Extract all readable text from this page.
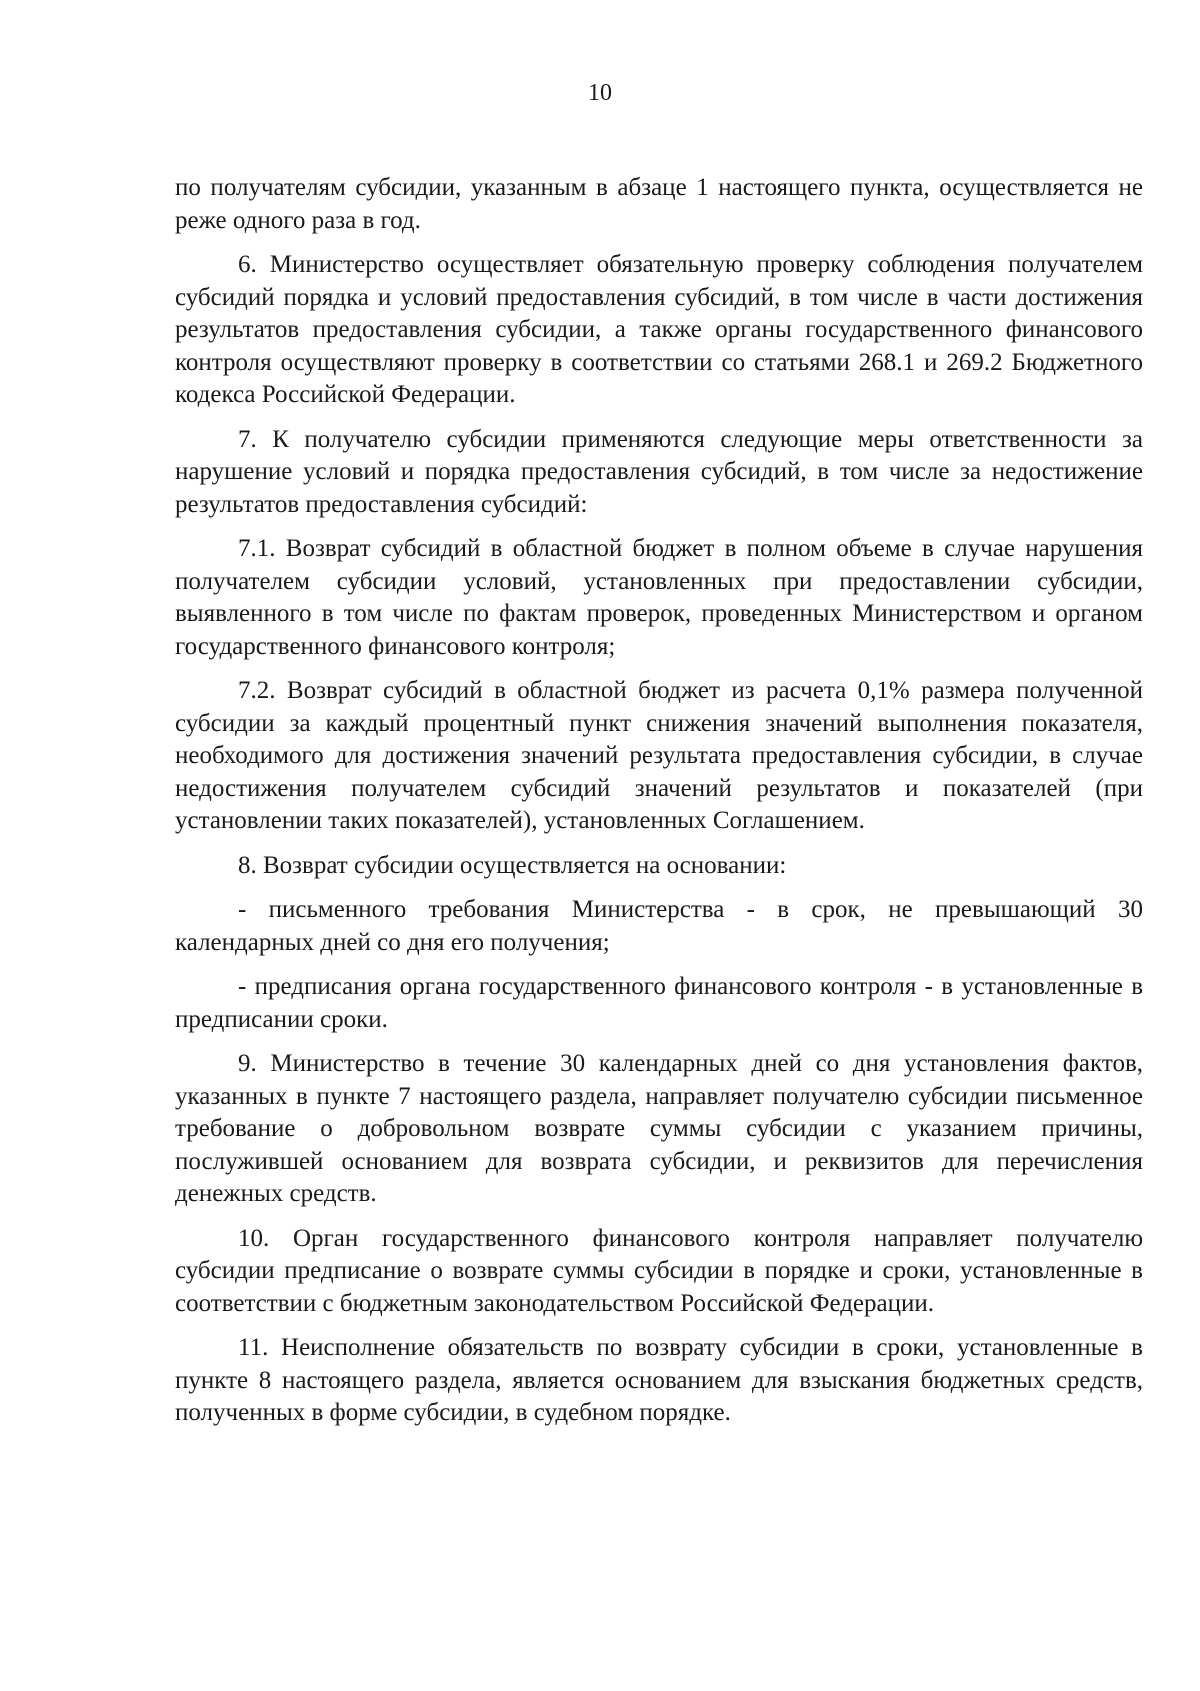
10

по получателям субсидии, указанным в абзаце 1 настоящего пункта, осуществляется не реже одного раза в год.

6. Министерство осуществляет обязательную проверку соблюдения получателем субсидий порядка и условий предоставления субсидий, в том числе в части достижения результатов предоставления субсидии, а также органы государственного финансового контроля осуществляют проверку в соответствии со статьями 268.1 и 269.2 Бюджетного кодекса Российской Федерации.

7. К получателю субсидии применяются следующие меры ответственности за нарушение условий и порядка предоставления субсидий, в том числе за недостижение результатов предоставления субсидий:

7.1. Возврат субсидий в областной бюджет в полном объеме в случае нарушения получателем субсидии условий, установленных при предоставлении субсидии, выявленного в том числе по фактам проверок, проведенных Министерством и органом государственного финансового контроля;

7.2. Возврат субсидий в областной бюджет из расчета 0,1% размера полученной субсидии за каждый процентный пункт снижения значений выполнения показателя, необходимого для достижения значений результата предоставления субсидии, в случае недостижения получателем субсидий значений результатов и показателей (при установлении таких показателей), установленных Соглашением.

8. Возврат субсидии осуществляется на основании:

- письменного требования Министерства - в срок, не превышающий 30 календарных дней со дня его получения;

- предписания органа государственного финансового контроля - в установленные в предписании сроки.

9. Министерство в течение 30 календарных дней со дня установления фактов, указанных в пункте 7 настоящего раздела, направляет получателю субсидии письменное требование о добровольном возврате суммы субсидии с указанием причины, послужившей основанием для возврата субсидии, и реквизитов для перечисления денежных средств.

10. Орган государственного финансового контроля направляет получателю субсидии предписание о возврате суммы субсидии в порядке и сроки, установленные в соответствии с бюджетным законодательством Российской Федерации.

11. Неисполнение обязательств по возврату субсидии в сроки, установленные в пункте 8 настоящего раздела, является основанием для взыскания бюджетных средств, полученных в форме субсидии, в судебном порядке.
